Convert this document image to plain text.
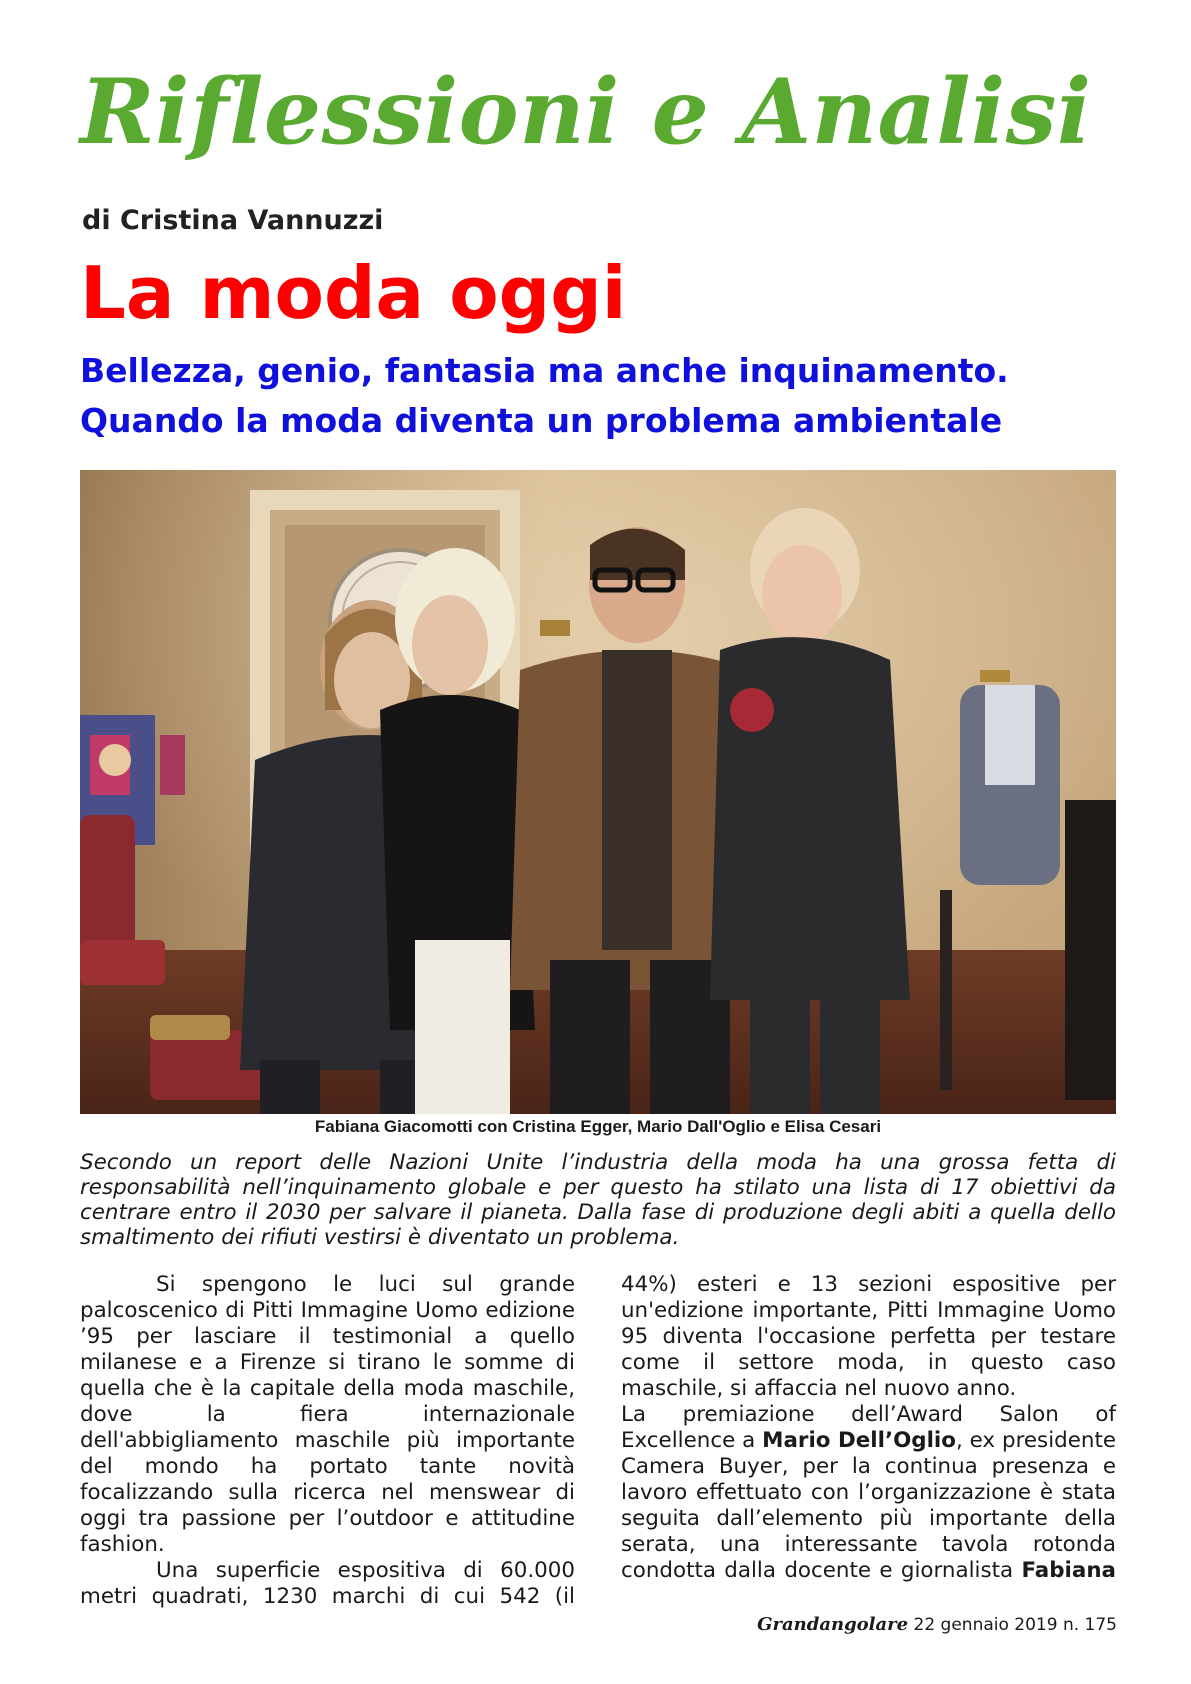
Riflessioni e Analisi
di Cristina Vannuzzi
La moda oggi
Bellezza, genio, fantasia ma anche inquinamento.
Quando la moda diventa un problema ambientale
Fabiana Giacomotti con Cristina Egger, Mario Dall'Oglio e Elisa Cesari

Secondo un report delle Nazioni Unite l’industria della moda ha una grossa fetta di responsabilità nell’inquinamento globale e per questo ha stilato una lista di 17 obiettivi da centrare entro il 2030 per salvare il pianeta. Dalla fase di produzione degli abiti a quella dello smaltimento dei rifiuti vestirsi è diventato un problema.

Si spengono le luci sul grande palcoscenico di Pitti Immagine Uomo edizione ’95 per lasciare il testimonial a quello milanese e a Firenze si tirano le somme di quella che è la capitale della moda maschile, dove la fiera internazionale dell'abbigliamento maschile più importante del mondo ha portato tante novità focalizzando sulla ricerca nel menswear di oggi tra passione per l’outdoor e attitudine fashion.

Una superficie espositiva di 60.000 metri quadrati, 1230 marchi di cui 542 (il

44%) esteri e 13 sezioni espositive per un'edizione importante, Pitti Immagine Uomo 95 diventa l'occasione perfetta per testare come il settore moda, in questo caso maschile, si affaccia nel nuovo anno.

La premiazione dell’Award Salon of Excellence a Mario Dell’Oglio, ex presidente Camera Buyer, per la continua presenza e lavoro effettuato con l’organizzazione è stata seguita dall’elemento più importante della serata, una interessante tavola rotonda condotta dalla docente e giornalista Fabiana

Grandangolare 22 gennaio 2019 n. 175
